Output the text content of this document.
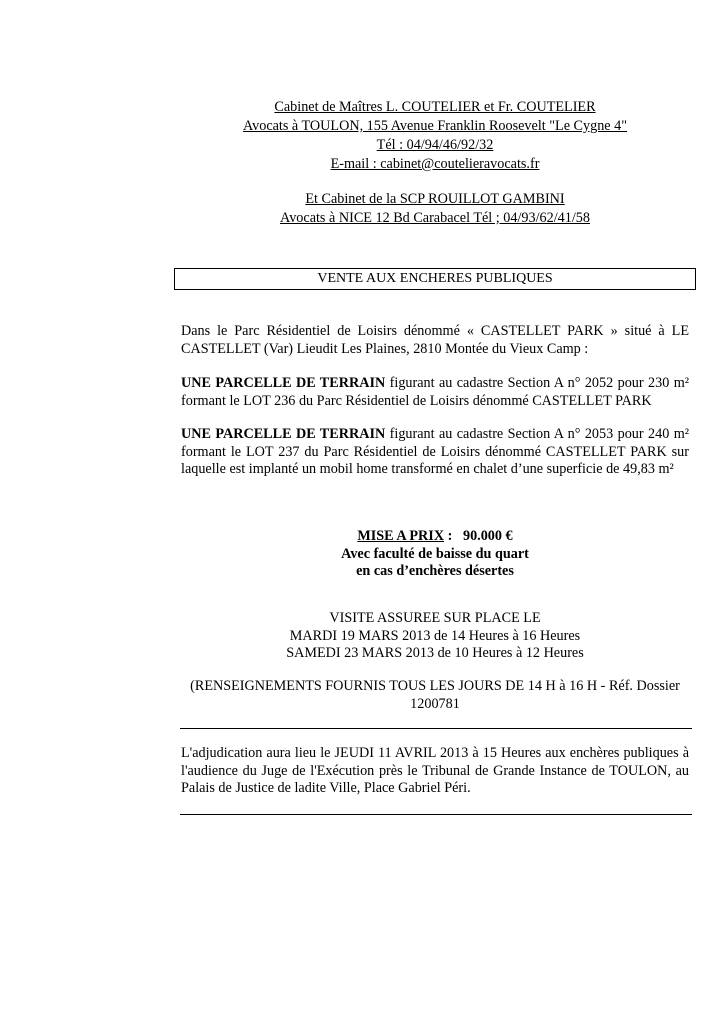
Cabinet de Maîtres L. COUTELIER et Fr. COUTELIER
Avocats à TOULON, 155 Avenue Franklin Roosevelt "Le Cygne 4"
Tél : 04/94/46/92/32
E-mail : cabinet@coutelieravocats.fr
Et Cabinet de la SCP ROUILLOT GAMBINI
Avocats à NICE 12 Bd Carabacel Tél ; 04/93/62/41/58
VENTE AUX ENCHERES PUBLIQUES
Dans le Parc Résidentiel de Loisirs dénommé « CASTELLET PARK » situé à LE CASTELLET (Var) Lieudit Les Plaines, 2810 Montée du Vieux Camp :
UNE PARCELLE DE TERRAIN figurant au cadastre Section A n° 2052 pour 230 m² formant le LOT 236 du Parc Résidentiel de Loisirs dénommé CASTELLET PARK
UNE PARCELLE DE TERRAIN figurant au cadastre Section A n° 2053 pour 240 m² formant le LOT 237 du Parc Résidentiel de Loisirs dénommé CASTELLET PARK sur laquelle est implanté un mobil home transformé en chalet d’une superficie de 49,83 m²
MISE A PRIX :   90.000 €
Avec faculté de baisse du quart
en cas d’enchères désertes
VISITE ASSUREE SUR PLACE LE
MARDI 19 MARS 2013 de 14 Heures à 16 Heures
SAMEDI 23 MARS 2013 de 10 Heures à 12 Heures
(RENSEIGNEMENTS FOURNIS TOUS LES JOURS DE 14 H à 16 H - Réf. Dossier
1200781
L'adjudication aura lieu le JEUDI 11 AVRIL 2013 à 15 Heures aux enchères publiques à l'audience du Juge de l'Exécution près le Tribunal de Grande Instance de TOULON, au Palais de Justice de ladite Ville, Place Gabriel Péri.
